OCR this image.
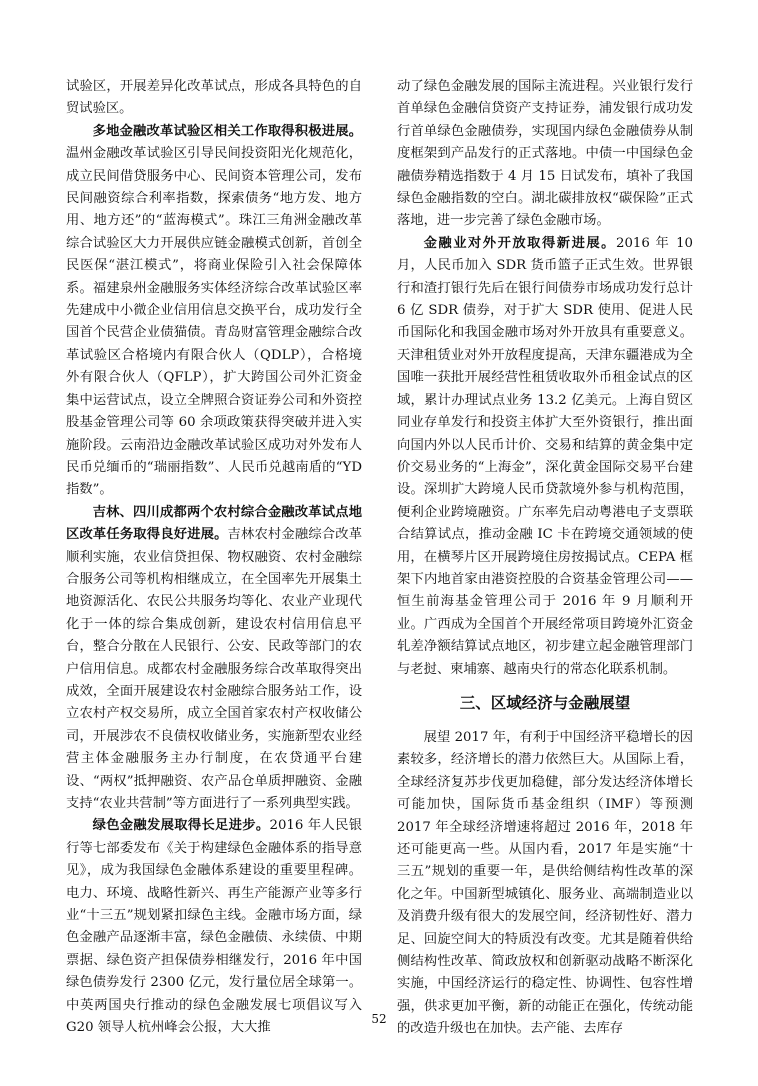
试验区，开展差异化改革试点，形成各具特色的自贸试验区。

多地金融改革试验区相关工作取得积极进展。温州金融改革试验区引导民间投资阳光化规范化，成立民间借贷服务中心、民间资本管理公司，发布民间融资综合利率指数，探索债务“地方发、地方用、地方还”的“蓝海模式”。珠江三角洲金融改革综合试验区大力开展供应链金融模式创新，首创全民医保“湛江模式”，将商业保险引入社会保障体系。福建泉州金融服务实体经济综合改革试验区率先建成中小微企业信用信息交换平台，成功发行全国首个民营企业债猫债。青岛财富管理金融综合改革试验区合格境内有限合伙人（QDLP），合格境外有限合伙人（QFLP），扩大跨国公司外汇资金集中运营试点，设立全牌照合资证券公司和外资控股基金管理公司等 60 余项政策获得突破并进入实施阶段。云南沿边金融改革试验区成功对外发布人民币兑缅币的“瑞丽指数”、人民币兑越南盾的“YD 指数”。

吉林、四川成都两个农村综合金融改革试点地区改革任务取得良好进展。吉林农村金融综合改革顺利实施，农业信贷担保、物权融资、农村金融综合服务公司等机构相继成立，在全国率先开展集土地资源活化、农民公共服务均等化、农业产业现代化于一体的综合集成创新，建设农村信用信息平台，整合分散在人民银行、公安、民政等部门的农户信用信息。成都农村金融服务综合改革取得突出成效，全面开展建设农村金融综合服务站工作，设立农村产权交易所，成立全国首家农村产权收储公司，开展涉农不良债权收储业务，实施新型农业经营主体金融服务主办行制度，在农贷通平台建设、“两权”抵押融资、农产品仓单质押融资、金融支持“农业共营制”等方面进行了一系列典型实践。

绿色金融发展取得长足进步。2016 年人民银行等七部委发布《关于构建绿色金融体系的指导意见》，成为我国绿色金融体系建设的重要里程碑。电力、环境、战略性新兴、再生产能源产业等多行业“十三五”规划紧扣绿色主线。金融市场方面，绿色金融产品逐渐丰富，绿色金融债、永续债、中期票据、绿色资产担保债券相继发行，2016 年中国绿色债券发行 2300 亿元，发行量位居全球第一。中英两国央行推动的绿色金融发展七项倡议写入 G20 领导人杭州峰会公报，大大推

动了绿色金融发展的国际主流进程。兴业银行发行首单绿色金融信贷资产支持证券，浦发银行成功发行首单绿色金融债券，实现国内绿色金融债券从制度框架到产品发行的正式落地。中债一中国绿色金融债券精选指数于 4 月 15 日试发布，填补了我国绿色金融指数的空白。湖北碳排放权“碳保险”正式落地，进一步完善了绿色金融市场。

金融业对外开放取得新进展。2016 年 10 月，人民币加入 SDR 货币篮子正式生效。世界银行和渣打银行先后在银行间债券市场成功发行总计 6 亿 SDR 债券，对于扩大 SDR 使用、促进人民币国际化和我国金融市场对外开放具有重要意义。天津租赁业对外开放程度提高，天津东疆港成为全国唯一获批开展经营性租赁收取外币租金试点的区域，累计办理试点业务 13.2 亿美元。上海自贸区同业存单发行和投资主体扩大至外资银行，推出面向国内外以人民币计价、交易和结算的黄金集中定价交易业务的“上海金”，深化黄金国际交易平台建设。深圳扩大跨境人民币贷款境外参与机构范围，便利企业跨境融资。广东率先启动粤港电子支票联合结算试点，推动金融 IC 卡在跨境交通领域的使用，在横琴片区开展跨境住房按揭试点。CEPA 框架下内地首家由港资控股的合资基金管理公司——恒生前海基金管理公司于 2016 年 9 月顺利开业。广西成为全国首个开展经常项目跨境外汇资金轧差净额结算试点地区，初步建立起金融管理部门与老挝、柬埔寨、越南央行的常态化联系机制。

三、区域经济与金融展望

展望 2017 年，有利于中国经济平稳增长的因素较多，经济增长的潜力依然巨大。从国际上看，全球经济复苏步伐更加稳健，部分发达经济体增长可能加快，国际货币基金组织（IMF）等预测 2017 年全球经济增速将超过 2016 年，2018 年还可能更高一些。从国内看，2017 年是实施“十三五”规划的重要一年，是供给侧结构性改革的深化之年。中国新型城镇化、服务业、高端制造业以及消费升级有很大的发展空间，经济韧性好、潜力足、回旋空间大的特质没有改变。尤其是随着供给侧结构性改革、简政放权和创新驱动战略不断深化实施，中国经济运行的稳定性、协调性、包容性增强，供求更加平衡，新的动能正在强化，传统动能的改造升级也在加快。去产能、去库存

52
